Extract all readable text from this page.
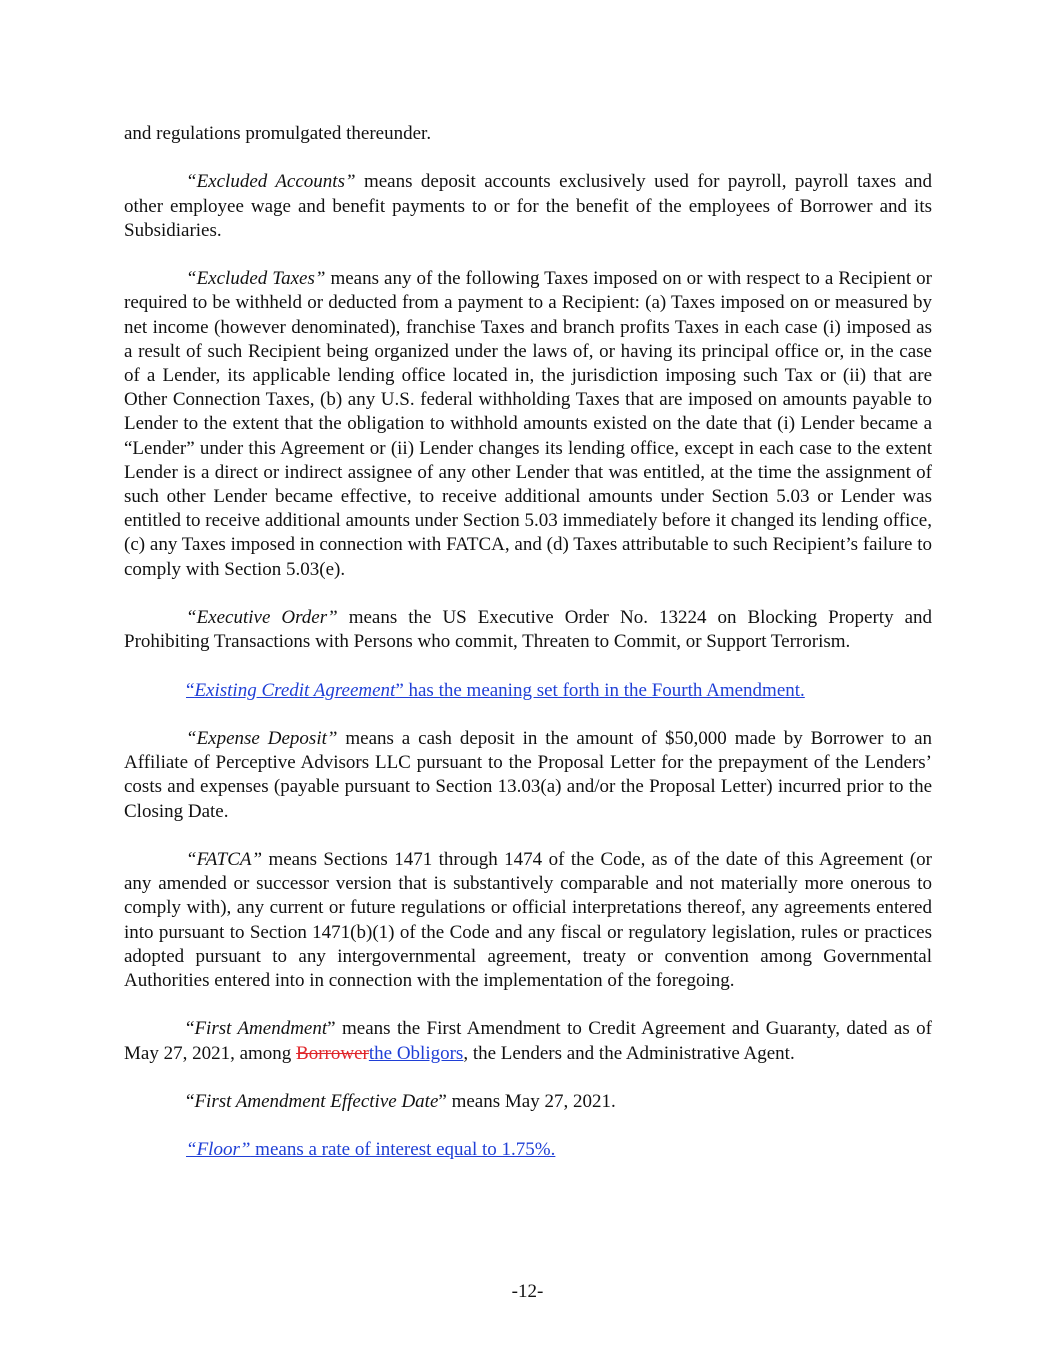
and regulations promulgated thereunder.

“Excluded Accounts” means deposit accounts exclusively used for payroll, payroll taxes and other employee wage and benefit payments to or for the benefit of the employees of Borrower and its Subsidiaries.

“Excluded Taxes” means any of the following Taxes imposed on or with respect to a Recipient or required to be withheld or deducted from a payment to a Recipient: (a) Taxes imposed on or measured by net income (however denominated), franchise Taxes and branch profits Taxes in each case (i) imposed as a result of such Recipient being organized under the laws of, or having its principal office or, in the case of a Lender, its applicable lending office located in, the jurisdiction imposing such Tax or (ii) that are Other Connection Taxes, (b) any U.S. federal withholding Taxes that are imposed on amounts payable to Lender to the extent that the obligation to withhold amounts existed on the date that (i) Lender became a “Lender” under this Agreement or (ii) Lender changes its lending office, except in each case to the extent Lender is a direct or indirect assignee of any other Lender that was entitled, at the time the assignment of such other Lender became effective, to receive additional amounts under Section 5.03 or Lender was entitled to receive additional amounts under Section 5.03 immediately before it changed its lending office, (c) any Taxes imposed in connection with FATCA, and (d) Taxes attributable to such Recipient’s failure to comply with Section 5.03(e).

“Executive Order” means the US Executive Order No. 13224 on Blocking Property and Prohibiting Transactions with Persons who commit, Threaten to Commit, or Support Terrorism.

“Existing Credit Agreement” has the meaning set forth in the Fourth Amendment.

“Expense Deposit” means a cash deposit in the amount of $50,000 made by Borrower to an Affiliate of Perceptive Advisors LLC pursuant to the Proposal Letter for the prepayment of the Lenders’ costs and expenses (payable pursuant to Section 13.03(a) and/or the Proposal Letter) incurred prior to the Closing Date.

“FATCA” means Sections 1471 through 1474 of the Code, as of the date of this Agreement (or any amended or successor version that is substantively comparable and not materially more onerous to comply with), any current or future regulations or official interpretations thereof, any agreements entered into pursuant to Section 1471(b)(1) of the Code and any fiscal or regulatory legislation, rules or practices adopted pursuant to any intergovernmental agreement, treaty or convention among Governmental Authorities entered into in connection with the implementation of the foregoing.

“First Amendment” means the First Amendment to Credit Agreement and Guaranty, dated as of May 27, 2021, among Borrowerthe Obligors, the Lenders and the Administrative Agent.

“First Amendment Effective Date” means May 27, 2021.

“Floor” means a rate of interest equal to 1.75%.

-12-
